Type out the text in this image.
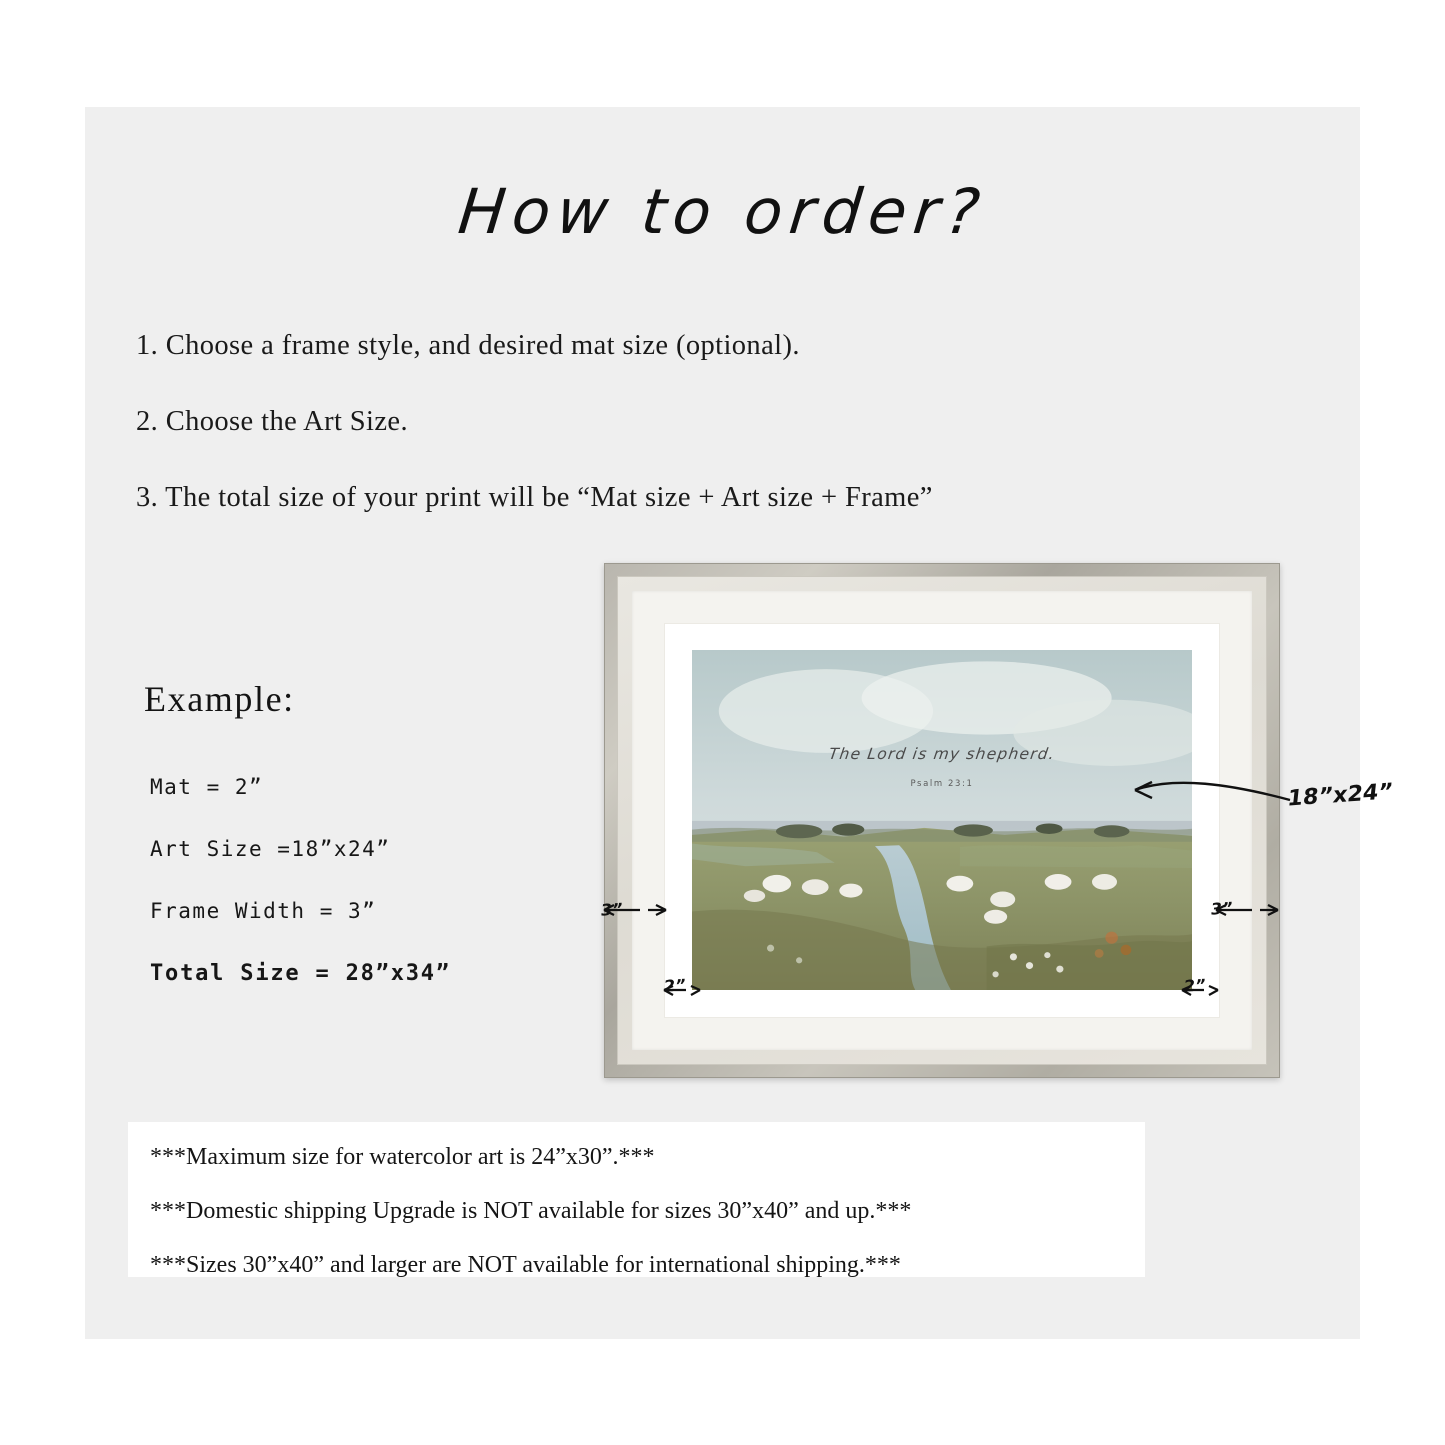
How to order?
1. Choose a frame style, and desired mat size (optional).
2. Choose the Art Size.
3. The total size of your print will be “Mat size + Art size + Frame”
Example:
Mat = 2”
Art Size =18”x24”
Frame Width = 3”
Total Size = 28”x34”
The Lord is my shepherd.
Psalm 23:1	18”x24”
3”	3”
2”	2”
***Maximum size for watercolor art is 24”x30”.***
***Domestic shipping Upgrade is NOT available for sizes 30”x40” and up.***
***Sizes 30”x40” and larger are NOT available for international shipping.***
